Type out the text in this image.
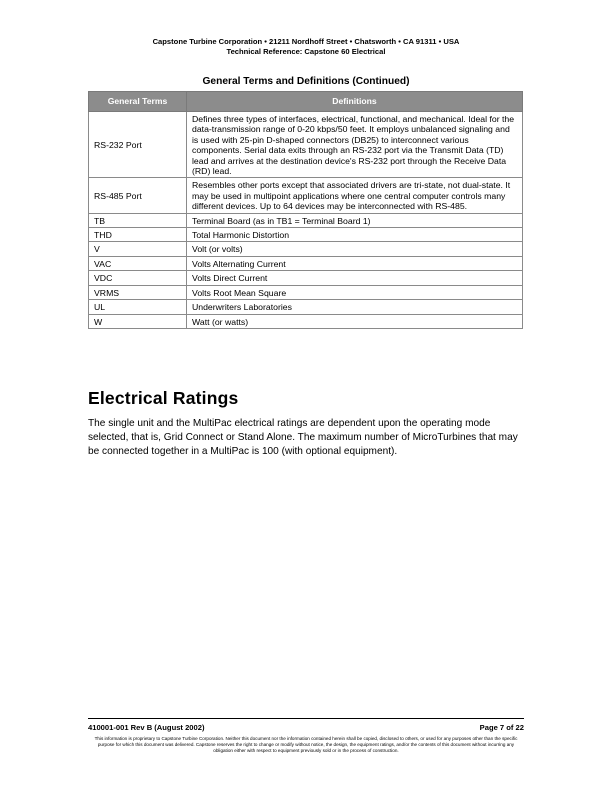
Capstone Turbine Corporation • 21211 Nordhoff Street • Chatsworth • CA 91311 • USA
Technical Reference: Capstone 60 Electrical
General Terms and Definitions (Continued)
General Terms	Definitions
RS-232 Port	Defines three types of interfaces, electrical, functional, and mechanical. Ideal for the data-transmission range of 0-20 kbps/50 feet. It employs unbalanced signaling and is used with 25-pin D-shaped connectors (DB25) to interconnect various components. Serial data exits through an RS-232 port via the Transmit Data (TD) lead and arrives at the destination device's RS-232 port through the Receive Data (RD) lead.
RS-485 Port	Resembles other ports except that associated drivers are tri-state, not dual-state. It may be used in multipoint applications where one central computer controls many different devices. Up to 64 devices may be interconnected with RS-485.
TB	Terminal Board (as in TB1 = Terminal Board 1)
THD	Total Harmonic Distortion
V	Volt (or volts)
VAC	Volts Alternating Current
VDC	Volts Direct Current
VRMS	Volts Root Mean Square
UL	Underwriters Laboratories
W	Watt (or watts)
Electrical Ratings
The single unit and the MultiPac electrical ratings are dependent upon the operating mode selected, that is, Grid Connect or Stand Alone. The maximum number of MicroTurbines that may be connected together in a MultiPac is 100 (with optional equipment).
410001-001 Rev B (August 2002)	Page 7 of 22
This information is proprietary to Capstone Turbine Corporation. Neither this document nor the information contained herein shall be copied, disclosed to others, or used for any purposes other than the specific purpose for which this document was delivered. Capstone reserves the right to change or modify without notice, the design, the equipment ratings, and/or the contents of this document without incurring any obligation either with respect to equipment previously sold or in the process of construction.
